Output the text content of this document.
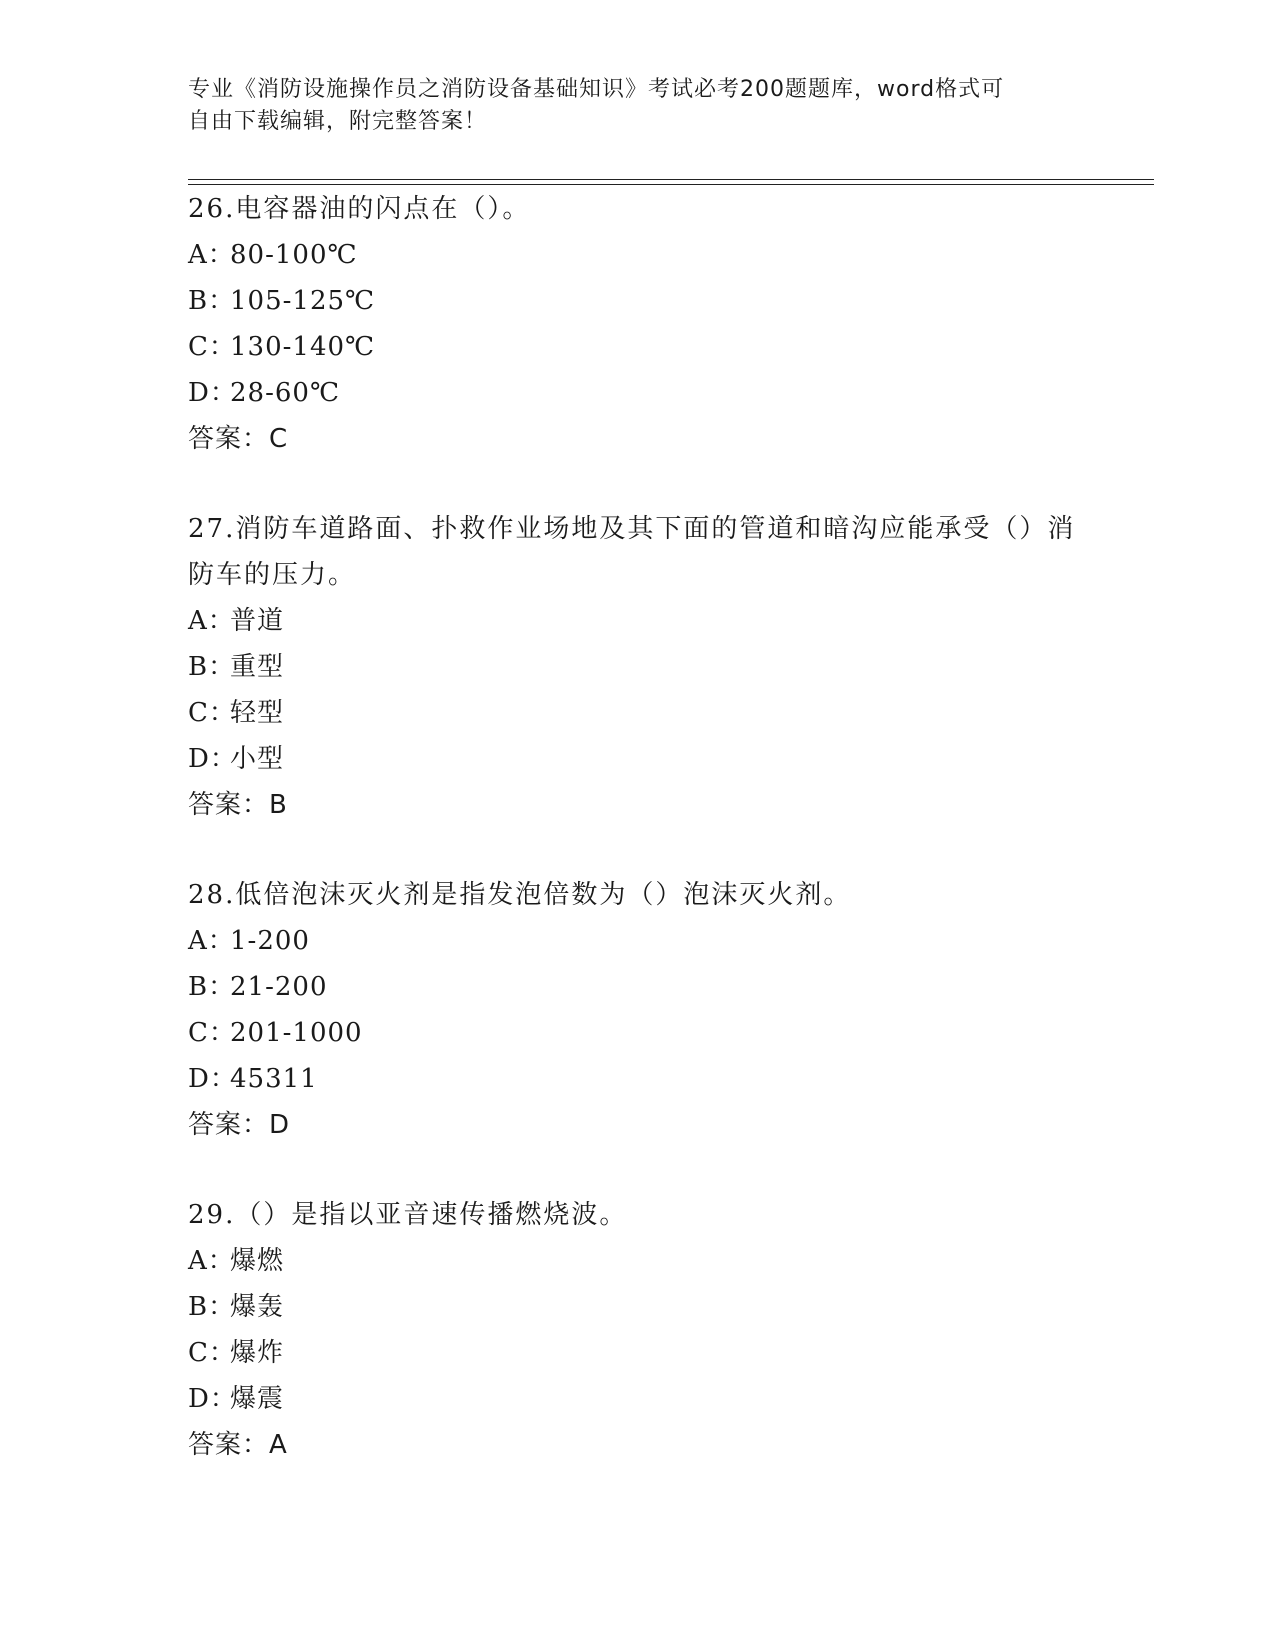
专业《消防设施操作员之消防设备基础知识》考试必考200题题库，word格式可
自由下载编辑，附完整答案！

26.电容器油的闪点在（）。

A：80-100℃
B：105-125℃
C：130-140℃
D：28-60℃
答案：C

27.消防车道路面、扑救作业场地及其下面的管道和暗沟应能承受（）消防车的压力。

A：普道
B：重型
C：轻型
D：小型
答案：B

28.低倍泡沫灭火剂是指发泡倍数为（）泡沫灭火剂。

A：1-200
B：21-200
C：201-1000
D：45311
答案：D

29.（）是指以亚音速传播燃烧波。

A：爆燃
B：爆轰
C：爆炸
D：爆震
答案：A
